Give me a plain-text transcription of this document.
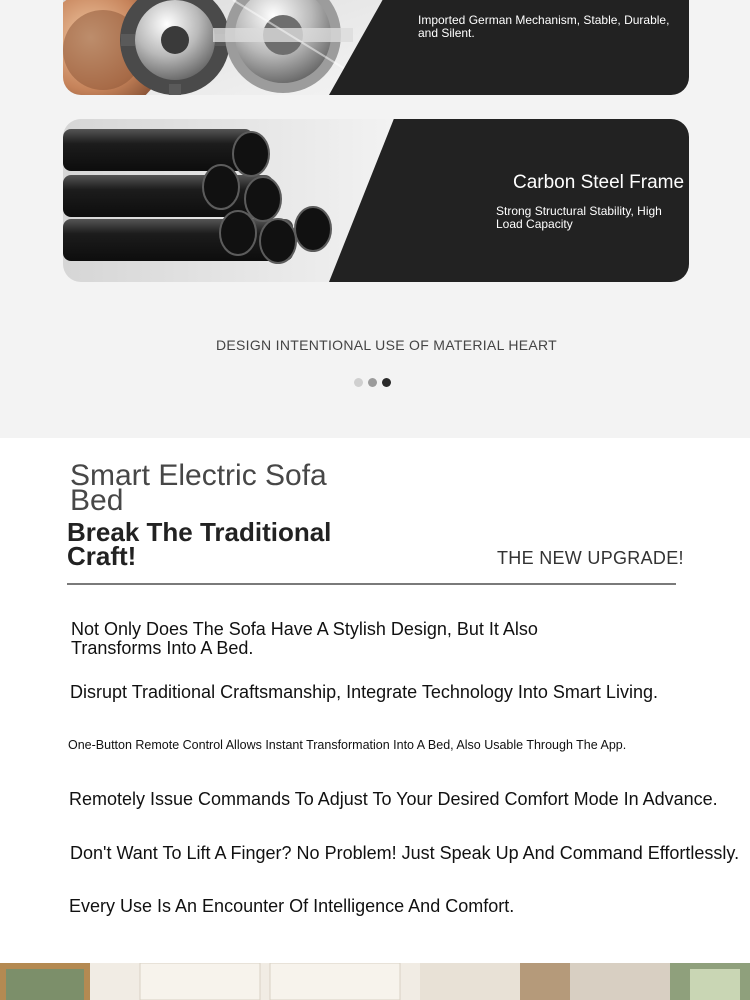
Imported German Mechanism, Stable, Durable, and Silent.
Carbon Steel Frame
Strong Structural Stability, High Load Capacity
DESIGN INTENTIONAL USE OF MATERIAL HEART
Smart Electric Sofa Bed
Break The Traditional Craft!	THE NEW UPGRADE!
Not Only Does The Sofa Have A Stylish Design, But It Also Transforms Into A Bed.
Disrupt Traditional Craftsmanship, Integrate Technology Into Smart Living.
One-Button Remote Control Allows Instant Transformation Into A Bed, Also Usable Through The App.
Remotely Issue Commands To Adjust To Your Desired Comfort Mode In Advance.
Don't Want To Lift A Finger? No Problem! Just Speak Up And Command Effortlessly.
Every Use Is An Encounter Of Intelligence And Comfort.
